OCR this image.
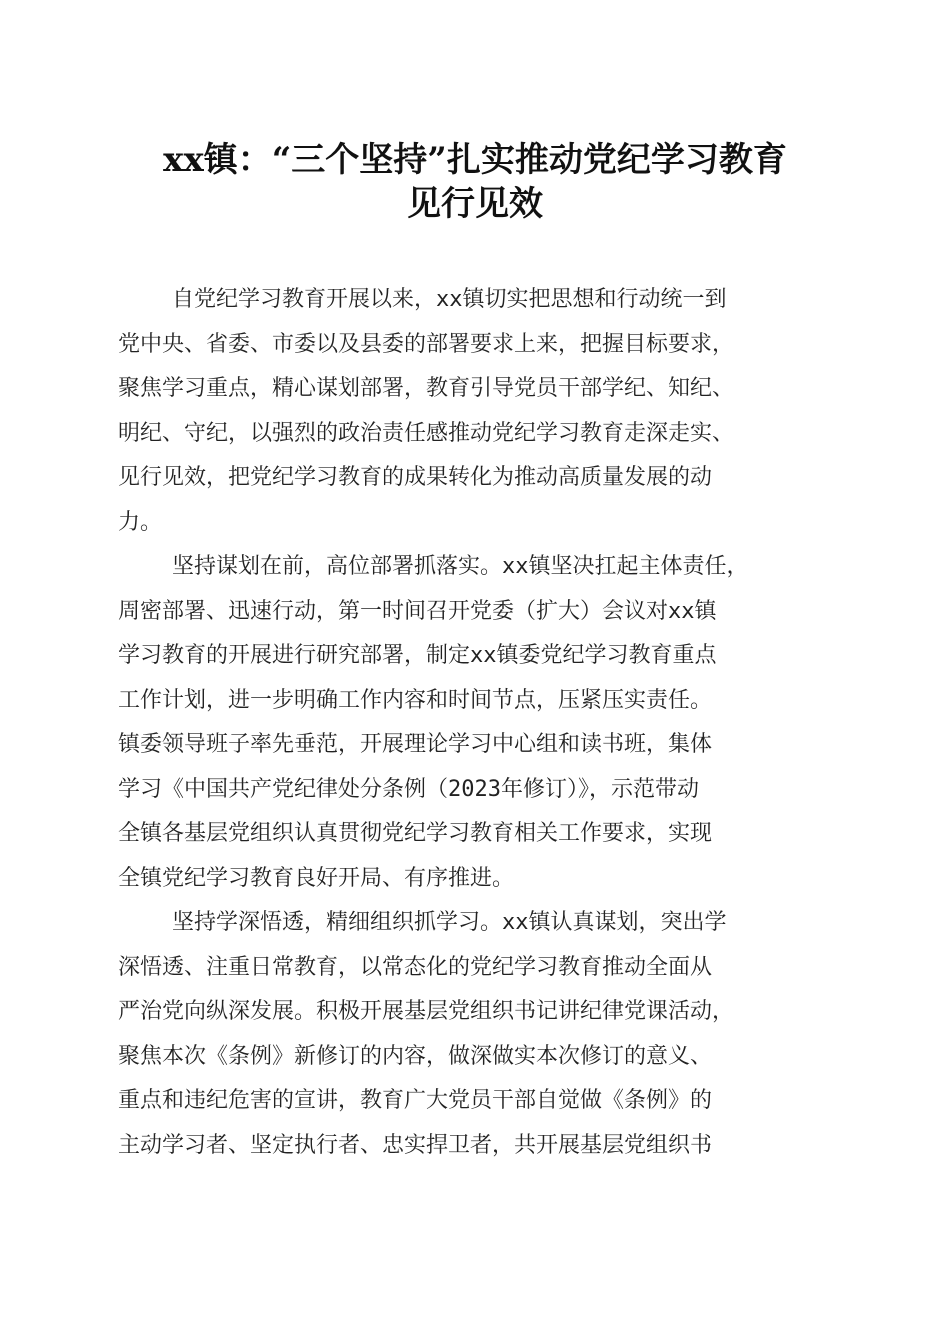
xx镇：“三个坚持”扎实推动党纪学习教育
见行见效
自党纪学习教育开展以来，xx镇切实把思想和行动统一到
党中央、省委、市委以及县委的部署要求上来，把握目标要求，
聚焦学习重点，精心谋划部署，教育引导党员干部学纪、知纪、
明纪、守纪，以强烈的政治责任感推动党纪学习教育走深走实、
见行见效，把党纪学习教育的成果转化为推动高质量发展的动
力。
坚持谋划在前，高位部署抓落实。xx镇坚决扛起主体责任，
周密部署、迅速行动，第一时间召开党委（扩大）会议对xx镇
学习教育的开展进行研究部署，制定xx镇委党纪学习教育重点
工作计划，进一步明确工作内容和时间节点，压紧压实责任。
镇委领导班子率先垂范，开展理论学习中心组和读书班，集体
学习《中国共产党纪律处分条例（2023年修订）》，示范带动
全镇各基层党组织认真贯彻党纪学习教育相关工作要求，实现
全镇党纪学习教育良好开局、有序推进。
坚持学深悟透，精细组织抓学习。xx镇认真谋划，突出学
深悟透、注重日常教育，以常态化的党纪学习教育推动全面从
严治党向纵深发展。积极开展基层党组织书记讲纪律党课活动，
聚焦本次《条例》新修订的内容，做深做实本次修订的意义、
重点和违纪危害的宣讲，教育广大党员干部自觉做《条例》的
主动学习者、坚定执行者、忠实捍卫者，共开展基层党组织书
